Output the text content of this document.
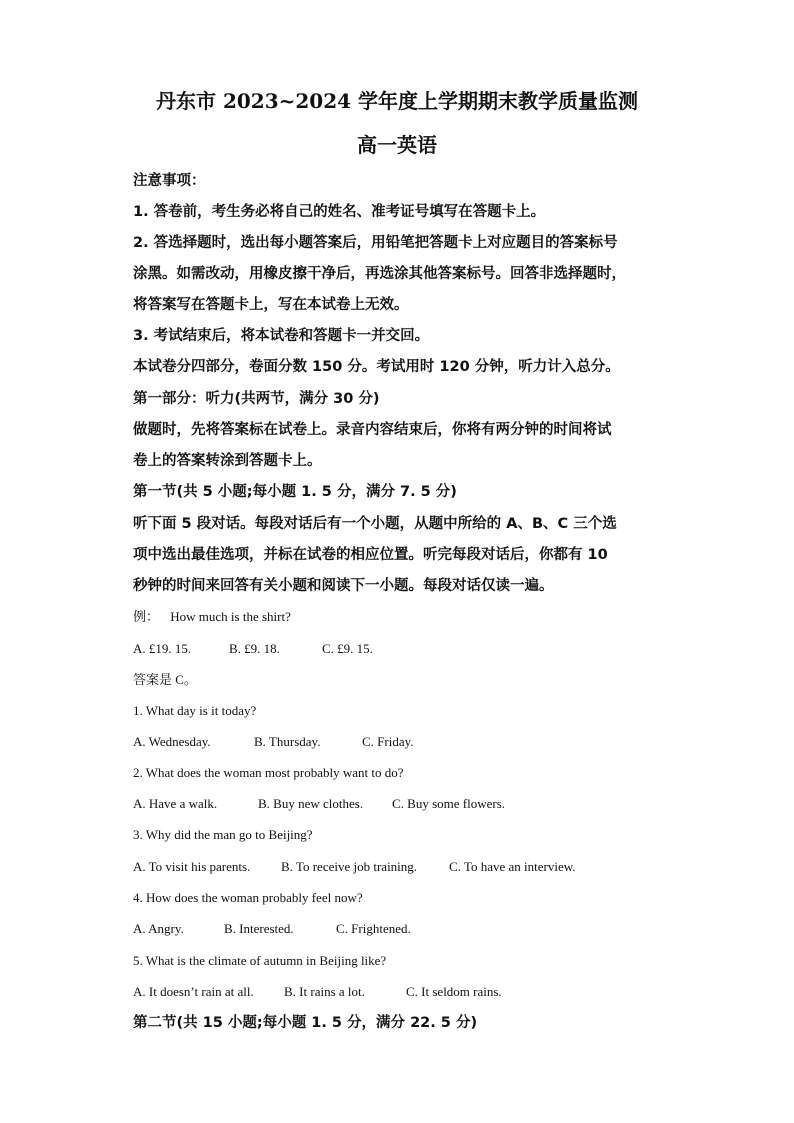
丹东市 2023~2024 学年度上学期期末教学质量监测
高一英语
注意事项：
1. 答卷前，考生务必将自己的姓名、准考证号填写在答题卡上。
2. 答选择题时，选出每小题答案后，用铅笔把答题卡上对应题目的答案标号
涂黑。如需改动，用橡皮擦干净后，再选涂其他答案标号。回答非选择题时，
将答案写在答题卡上，写在本试卷上无效。
3. 考试结束后，将本试卷和答题卡一并交回。
本试卷分四部分，卷面分数 150 分。考试用时 120 分钟，听力计入总分。
第一部分：听力(共两节，满分 30 分)
做题时，先将答案标在试卷上。录音内容结束后，你将有两分钟的时间将试
卷上的答案转涂到答题卡上。
第一节(共 5 小题;每小题 1. 5 分，满分 7. 5 分)
听下面 5 段对话。每段对话后有一个小题，从题中所给的 A、B、C 三个选
项中选出最佳选项，并标在试卷的相应位置。听完每段对话后，你都有 10
秒钟的时间来回答有关小题和阅读下一小题。每段对话仅读一遍。
例： How much is the shirt?
A. £19. 15.	B. £9. 18.	C. £9. 15.
答案是 C。
1. What day is it today?
A. Wednesday.	B. Thursday.	C. Friday.
2. What does the woman most probably want to do?
A. Have a walk.	B. Buy new clothes. C. Buy some flowers.
3. Why did the man go to Beijing?
A. To visit his parents. B. To receive job training. C. To have an interview.
4. How does the woman probably feel now?
A. Angry.	B. Interested.	C. Frightened.
5. What is the climate of autumn in Beijing like?
A. It doesn’t rain at all. B. It rains a lot.	C. It seldom rains.
第二节(共 15 小题;每小题 1. 5 分，满分 22. 5 分)
